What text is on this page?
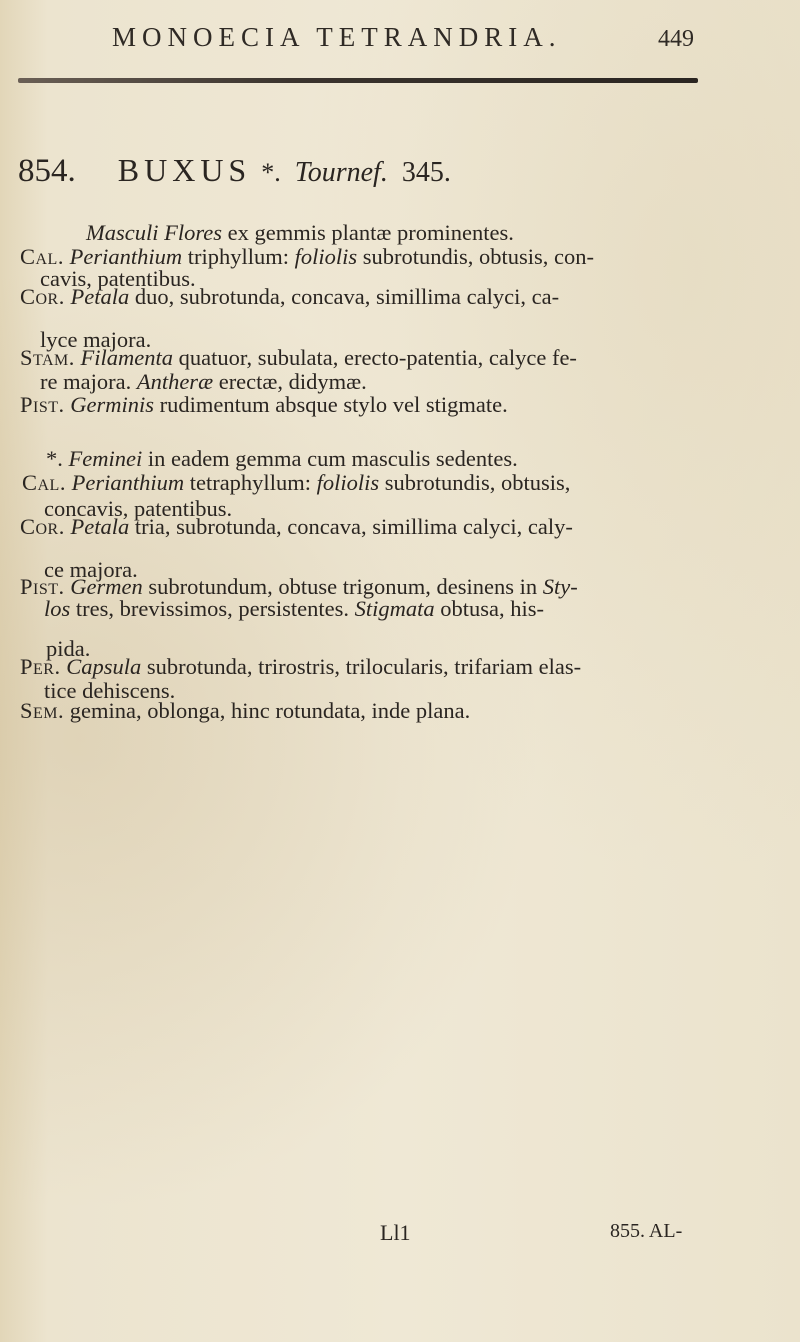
MONOECIA TETRANDRIA.	449
854. BUXUS *. Tournef. 345.
Masculi Flores ex gemmis plantæ prominentes.
Cal. Perianthium triphyllum: foliolis subrotundis, obtusis, con-
cavis, patentibus.
Cor. Petala duo, subrotunda, concava, simillima calyci, ca-
lyce majora.
Stam. Filamenta quatuor, subulata, erecto-patentia, calyce fe-
re majora. Antheræ erectæ, didymæ.
Pist. Germinis rudimentum absque stylo vel stigmate.
*. Feminei in eadem gemma cum masculis sedentes.
Cal. Perianthium tetraphyllum: foliolis subrotundis, obtusis,
concavis, patentibus.
Cor. Petala tria, subrotunda, concava, simillima calyci, caly-
ce majora.
Pist. Germen subrotundum, obtuse trigonum, desinens in Sty-
los tres, brevissimos, persistentes. Stigmata obtusa, his-
pida.
Per. Capsula subrotunda, trirostris, trilocularis, trifariam elas-
tice dehiscens.
Sem. gemina, oblonga, hinc rotundata, inde plana.
Ll1	855. AL-
